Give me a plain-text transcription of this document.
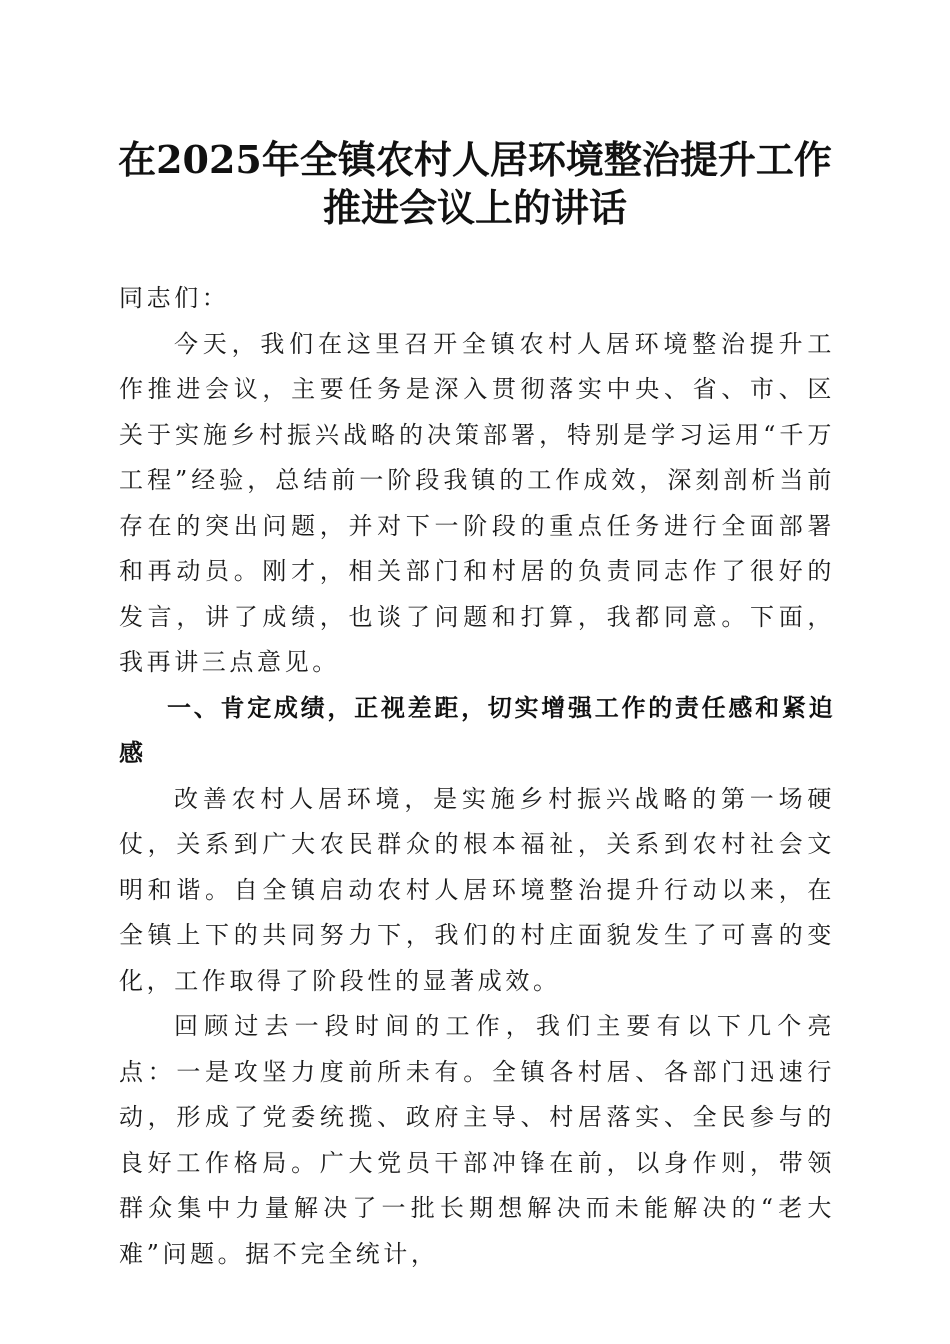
在2025年全镇农村人居环境整治提升工作推进会议上的讲话

同志们：

今天，我们在这里召开全镇农村人居环境整治提升工作推进会议，主要任务是深入贯彻落实中央、省、市、区关于实施乡村振兴战略的决策部署，特别是学习运用“千万工程”经验，总结前一阶段我镇的工作成效，深刻剖析当前存在的突出问题，并对下一阶段的重点任务进行全面部署和再动员。刚才，相关部门和村居的负责同志作了很好的发言，讲了成绩，也谈了问题和打算，我都同意。下面，我再讲三点意见。

一、肯定成绩，正视差距，切实增强工作的责任感和紧迫感

改善农村人居环境，是实施乡村振兴战略的第一场硬仗，关系到广大农民群众的根本福祉，关系到农村社会文明和谐。自全镇启动农村人居环境整治提升行动以来，在全镇上下的共同努力下，我们的村庄面貌发生了可喜的变化，工作取得了阶段性的显著成效。

回顾过去一段时间的工作，我们主要有以下几个亮点：一是攻坚力度前所未有。全镇各村居、各部门迅速行动，形成了党委统揽、政府主导、村居落实、全民参与的良好工作格局。广大党员干部冲锋在前，以身作则，带领群众集中力量解决了一批长期想解决而未能解决的“老大难”问题。据不完全统计，
